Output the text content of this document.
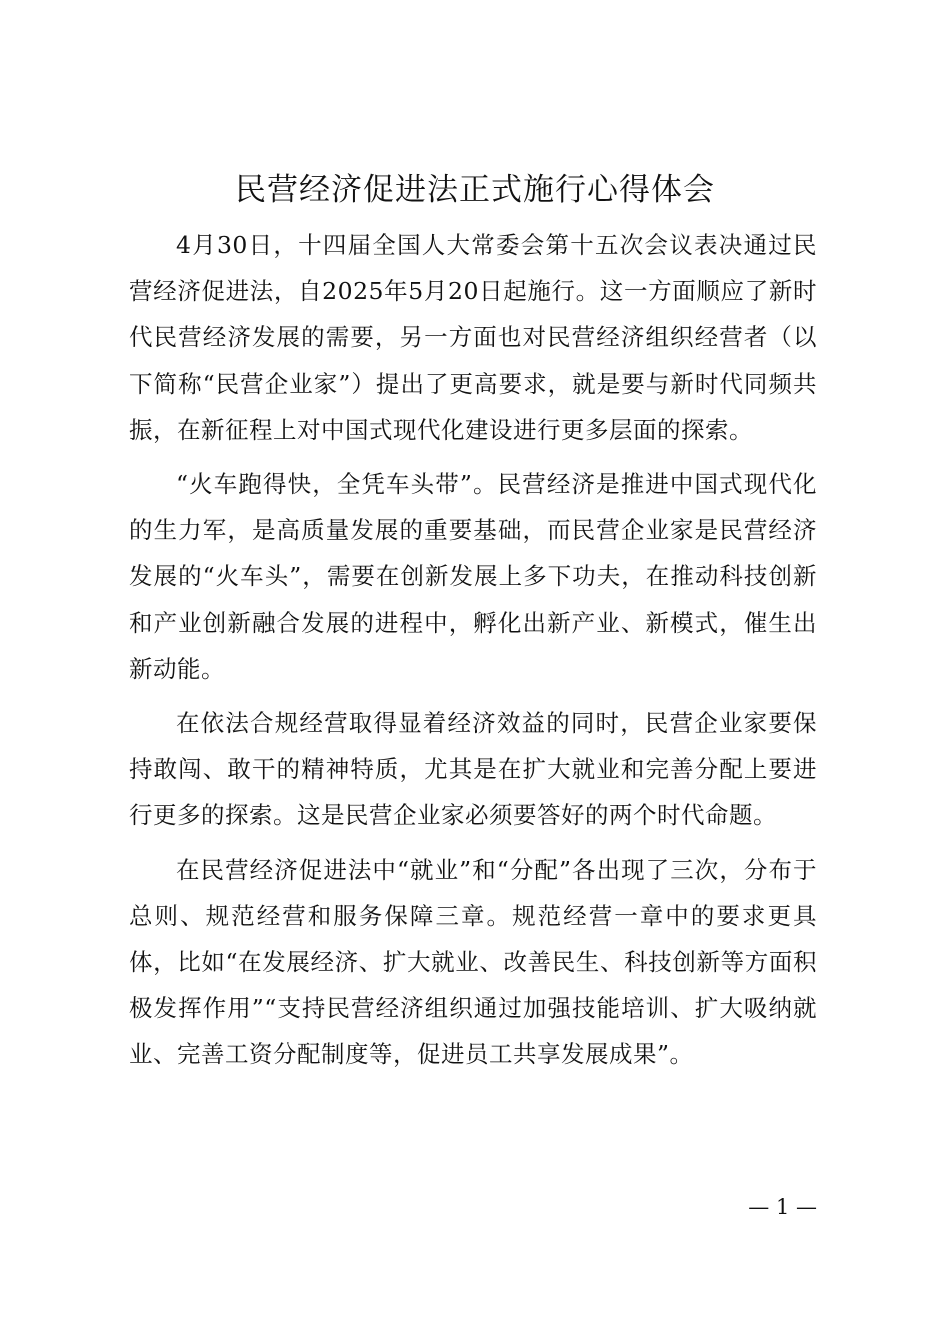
民营经济促进法正式施行心得体会

4月30日，十四届全国人大常委会第十五次会议表决通过民营经济促进法，自2025年5月20日起施行。这一方面顺应了新时代民营经济发展的需要，另一方面也对民营经济组织经营者（以下简称“民营企业家”）提出了更高要求，就是要与新时代同频共振，在新征程上对中国式现代化建设进行更多层面的探索。

“火车跑得快，全凭车头带”。民营经济是推进中国式现代化的生力军，是高质量发展的重要基础，而民营企业家是民营经济发展的“火车头”，需要在创新发展上多下功夫，在推动科技创新和产业创新融合发展的进程中，孵化出新产业、新模式，催生出新动能。

在依法合规经营取得显着经济效益的同时，民营企业家要保持敢闯、敢干的精神特质，尤其是在扩大就业和完善分配上要进行更多的探索。这是民营企业家必须要答好的两个时代命题。

在民营经济促进法中“就业”和“分配”各出现了三次，分布于总则、规范经营和服务保障三章。规范经营一章中的要求更具体，比如“在发展经济、扩大就业、改善民生、科技创新等方面积极发挥作用”“支持民营经济组织通过加强技能培训、扩大吸纳就业、完善工资分配制度等，促进员工共享发展成果”。

— 1 —
